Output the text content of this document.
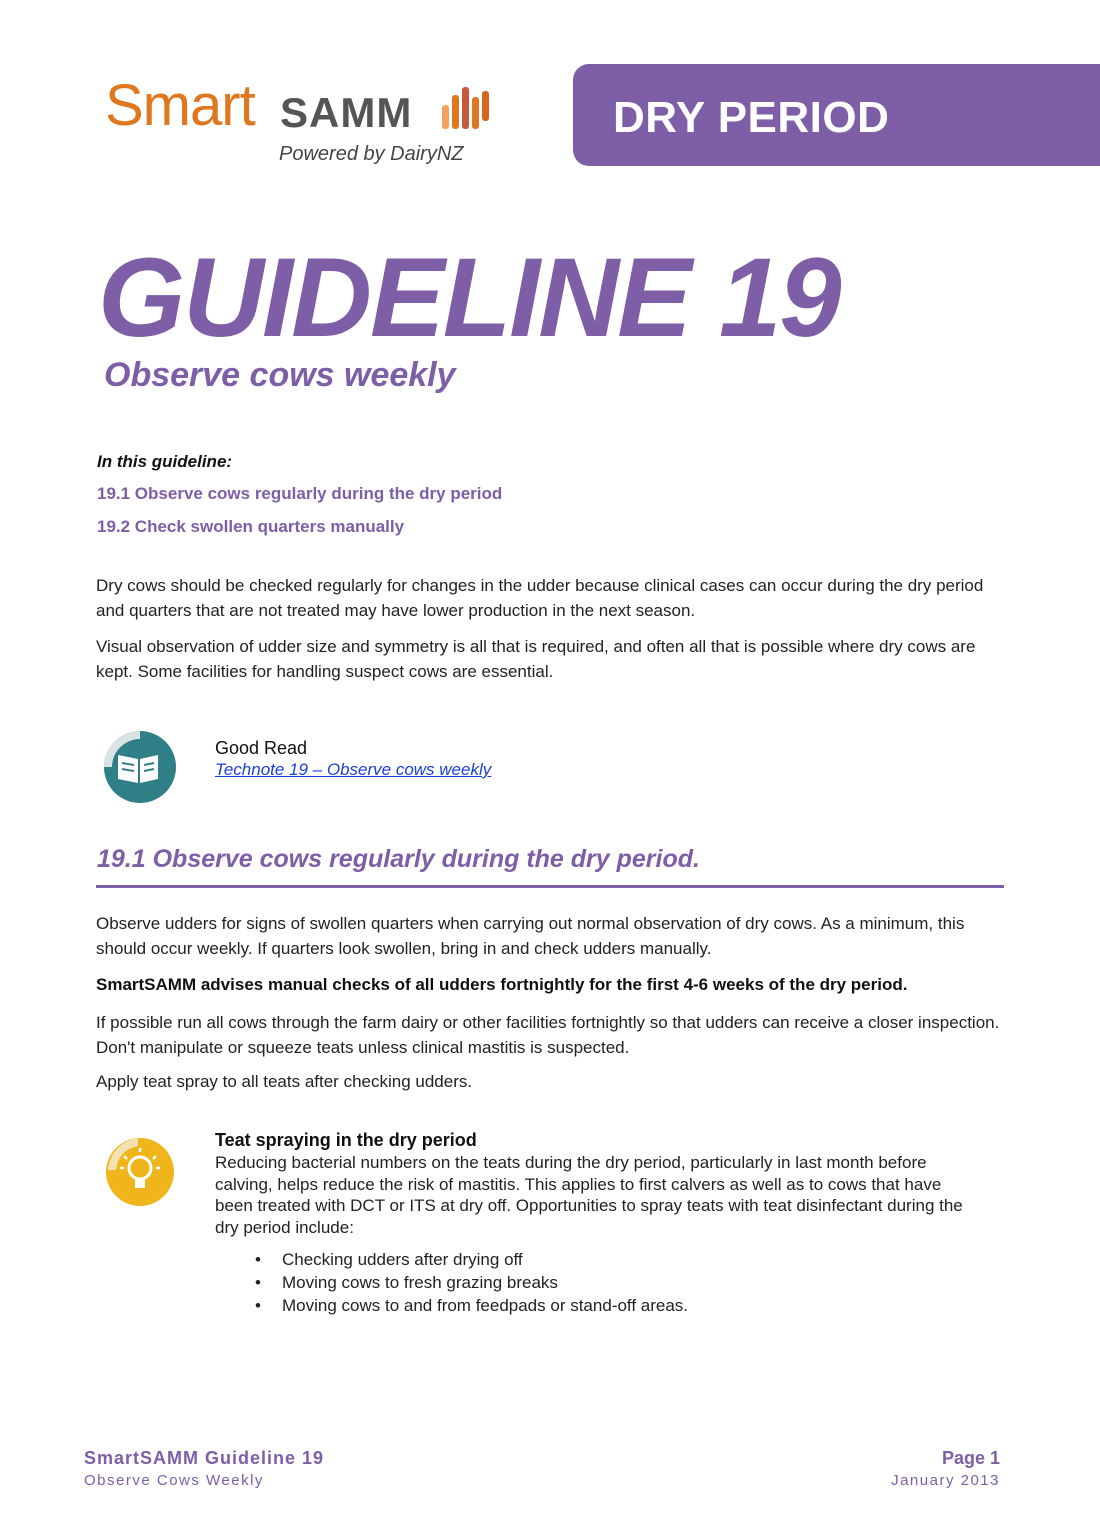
Smart SAMM
Powered by DairyNZ
DRY PERIOD
GUIDELINE 19
Observe cows weekly
In this guideline:
19.1 Observe cows regularly during the dry period
19.2 Check swollen quarters manually

Dry cows should be checked regularly for changes in the udder because clinical cases can occur during the dry period and quarters that are not treated may have lower production in the next season.

Visual observation of udder size and symmetry is all that is required, and often all that is possible where dry cows are kept. Some facilities for handling suspect cows are essential.

Good Read
Technote 19 – Observe cows weekly
19.1 Observe cows regularly during the dry period.

Observe udders for signs of swollen quarters when carrying out normal observation of dry cows. As a minimum, this should occur weekly. If quarters look swollen, bring in and check udders manually.

SmartSAMM advises manual checks of all udders fortnightly for the first 4-6 weeks of the dry period.

If possible run all cows through the farm dairy or other facilities fortnightly so that udders can receive a closer inspection. Don't manipulate or squeeze teats unless clinical mastitis is suspected.

Apply teat spray to all teats after checking udders.

Teat spraying in the dry period

Reducing bacterial numbers on the teats during the dry period, particularly in last month before calving, helps reduce the risk of mastitis. This applies to first calvers as well as to cows that have been treated with DCT or ITS at dry off. Opportunities to spray teats with teat disinfectant during the dry period include:

• Checking udders after drying off
• Moving cows to fresh grazing breaks
• Moving cows to and from feedpads or stand-off areas.
SmartSAMM Guideline 19
Observe Cows Weekly
Page 1
January 2013
